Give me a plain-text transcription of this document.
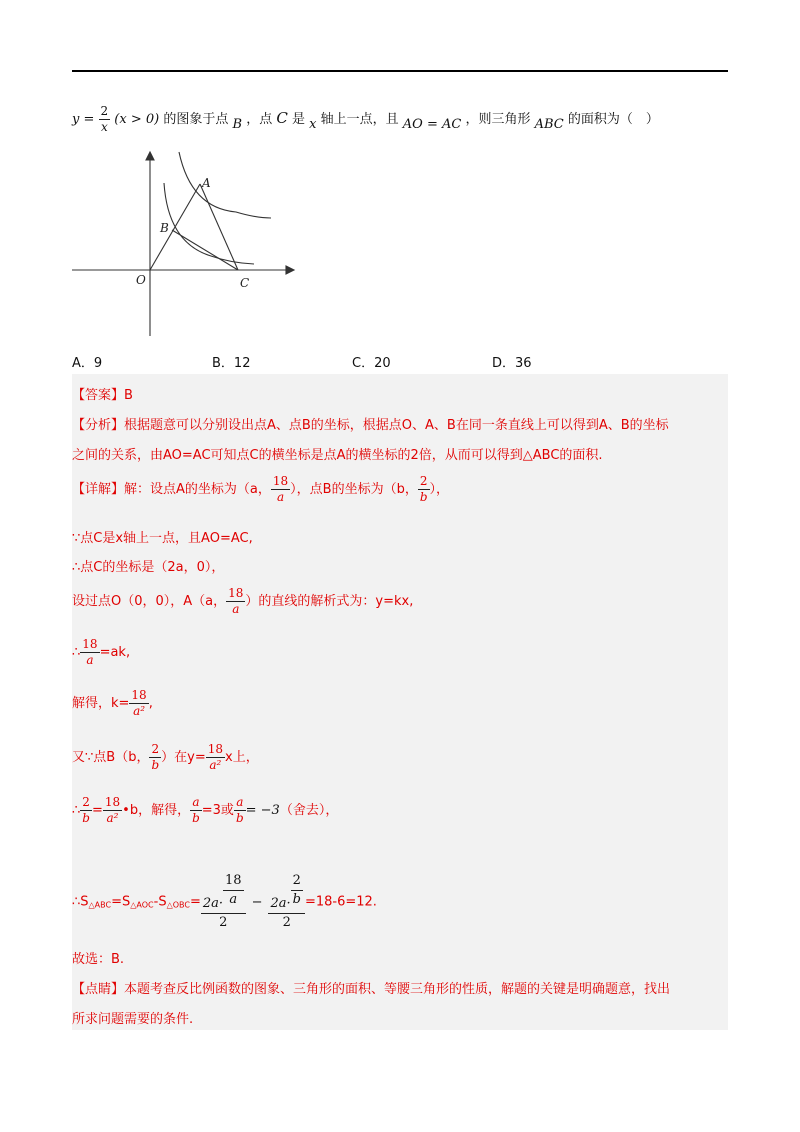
$y = \frac{2}{x} (x > 0)$ 的图象于点 B ，点 C 是 x 轴上一点，且 AO = AC ，则三角形 ABC 的面积为（　）
A
B
O	C
A．9	B．12	C．20	D．36
【答案】B
【分析】根据题意可以分别设出点A、点B的坐标，根据点O、A、B在同一条直线上可以得到A、B的坐标
之间的关系，由AO=AC可知点C的横坐标是点A的横坐标的2倍，从而可以得到△ABC的面积.
【详解】解：设点A的坐标为（a， $\frac{18}{a}$ ），点B的坐标为（b， $\frac{2}{b}$ ），
∵点C是x轴上一点，且AO=AC,
∴点C的坐标是（2a，0），
设过点O（0，0），A（a， $\frac{18}{a}$ ）的直线的解析式为：y=kx,
∴ $\frac{18}{a} =ak$,
解得，$k= \frac{18}{\text{a²}}$ ,
又∵点B（b， $\frac{2}{b}$ ）在$y= \frac{18}{\text{a²}}$ x上，
∴ $\frac{2}{b} = \frac{18}{\text{a²}}$ •b，解得， $\frac{a}{b} =3$或 $\frac{a}{b} = -3$（舍去），
$\therefore S_{\triangle ABC}=S_{\triangle AOC}-S_{\triangle OBC}= \frac{2a\cdot \frac{18}{a}}{2} - \frac{2a\cdot \frac{2}{b}}{2} =18-6=12$.
故选：B.
【点睛】本题考查反比例函数的图象、三角形的面积、等腰三角形的性质，解题的关键是明确题意，找出
所求问题需要的条件.
